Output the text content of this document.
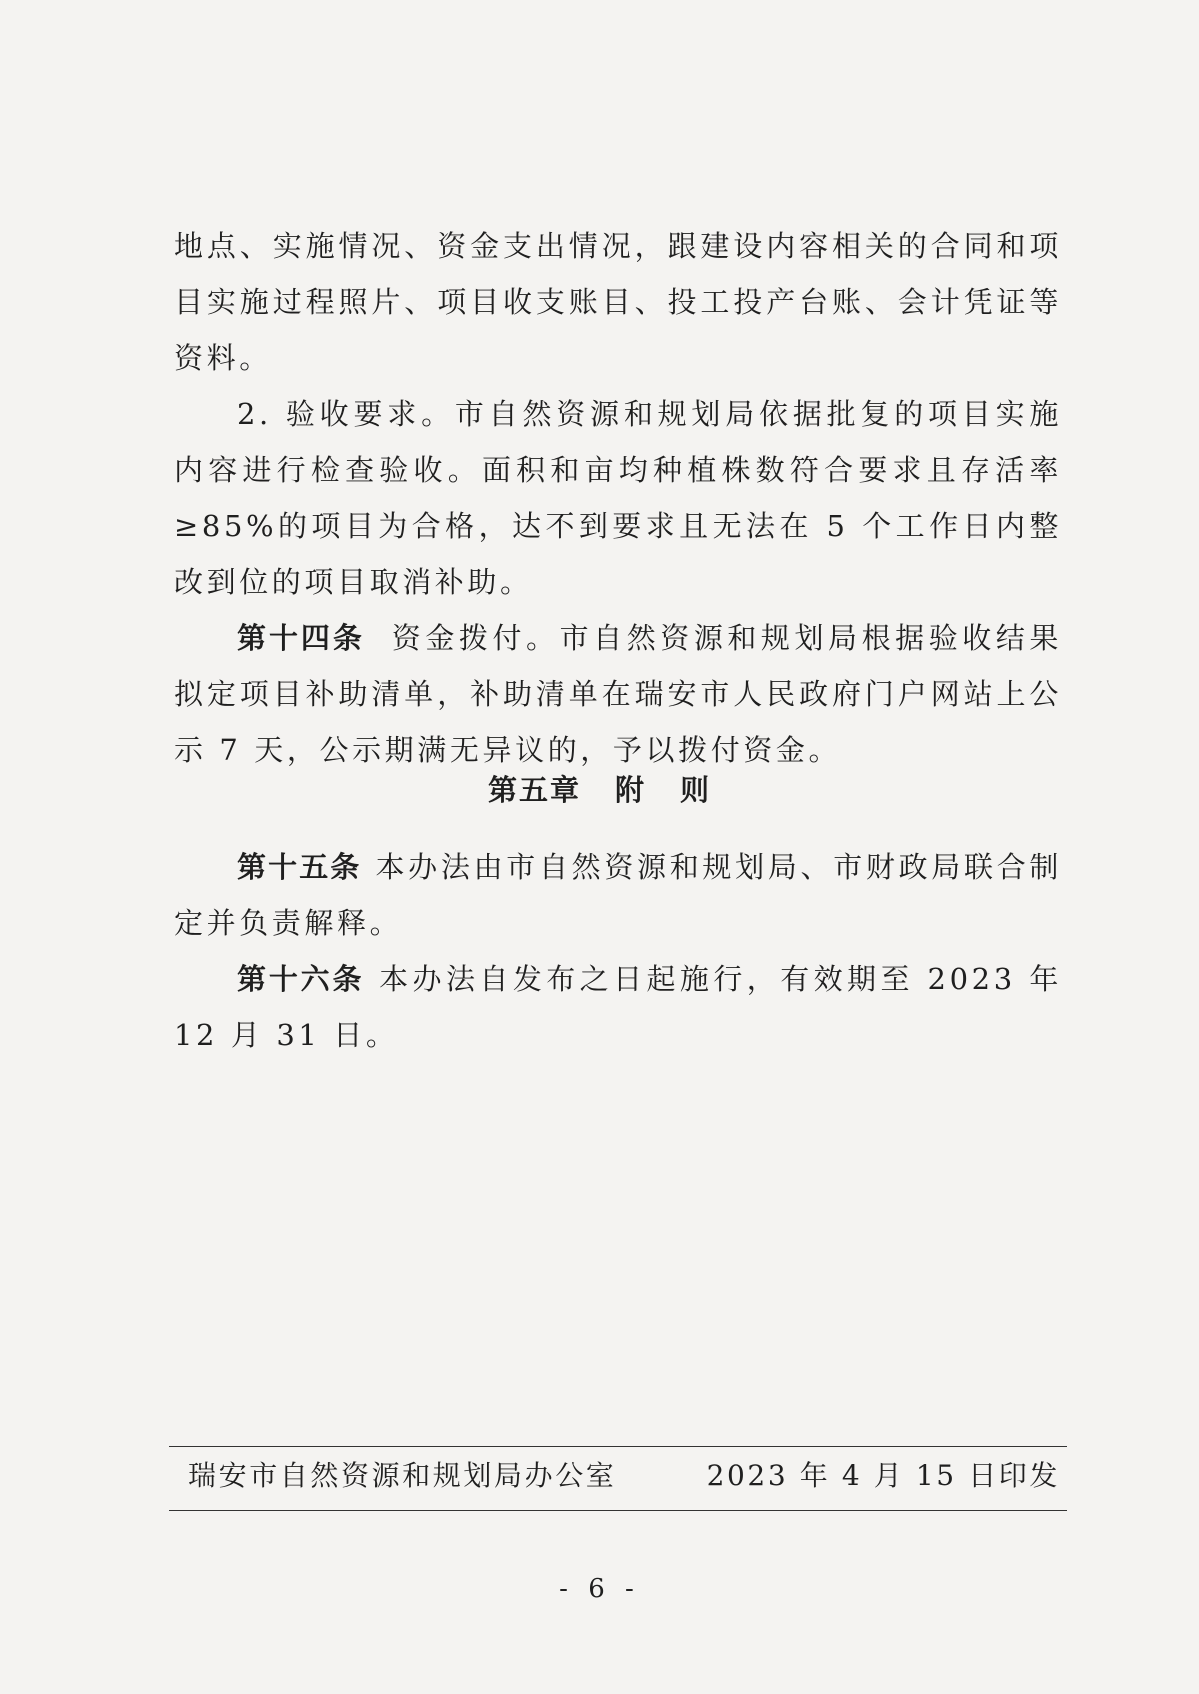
地点、实施情况、资金支出情况，跟建设内容相关的合同和项目实施过程照片、项目收支账目、投工投产台账、会计凭证等资料。

2. 验收要求。市自然资源和规划局依据批复的项目实施内容进行检查验收。面积和亩均种植株数符合要求且存活率≥85%的项目为合格，达不到要求且无法在 5 个工作日内整改到位的项目取消补助。

第十四条 资金拨付。市自然资源和规划局根据验收结果拟定项目补助清单，补助清单在瑞安市人民政府门户网站上公示 7 天，公示期满无异议的，予以拨付资金。

第五章 附 则

第十五条 本办法由市自然资源和规划局、市财政局联合制定并负责解释。

第十六条 本办法自发布之日起施行，有效期至 2023 年 12 月 31 日。

瑞安市自然资源和规划局办公室	2023 年 4 月 15 日印发
- 6 -
